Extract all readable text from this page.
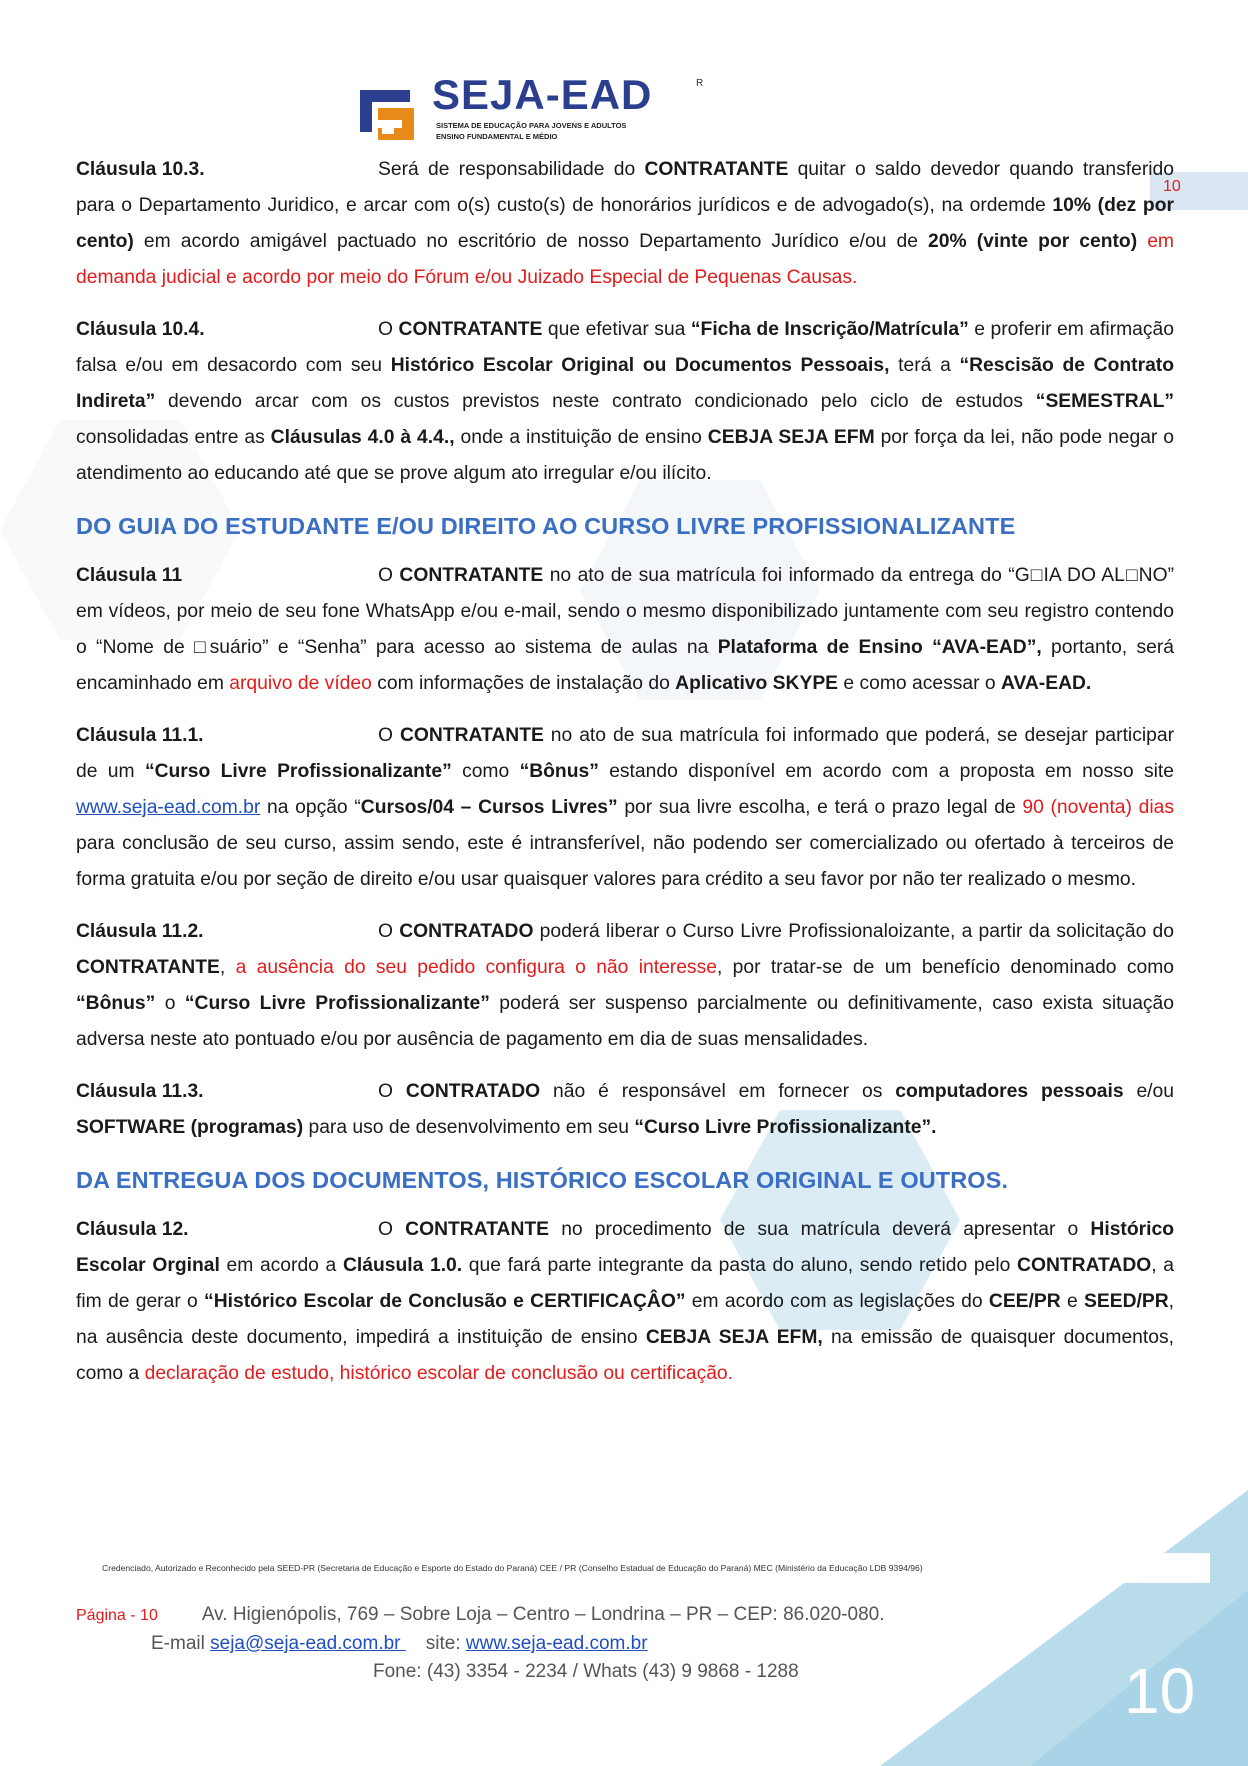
SEJA-EAD	R
SISTEMA DE EDUCAÇÃO PARA JOVENS E ADULTOS
ENSINO FUNDAMENTAL E MÉDIO
10

Cláusula 10.3.	Será de responsabilidade do CONTRATANTE quitar o saldo devedor quando transferido para o Departamento Juridico, e arcar com o(s) custo(s) de honorários jurídicos e de advogado(s), na ordemde 10% (dez por cento) em acordo amigável pactuado no escritório de nosso Departamento Jurídico e/ou de 20% (vinte por cento) em demanda judicial e acordo por meio do Fórum e/ou Juizado Especial de Pequenas Causas.

Cláusula 10.4.	O CONTRATANTE que efetivar sua “Ficha de Inscrição/Matrícula” e proferir em afirmação falsa e/ou em desacordo com seu Histórico Escolar Original ou Documentos Pessoais, terá a “Rescisão de Contrato Indireta” devendo arcar com os custos previstos neste contrato condicionado pelo ciclo de estudos “SEMESTRAL” consolidadas entre as Cláusulas 4.0 à 4.4., onde a instituição de ensino CEBJA SEJA EFM por força da lei, não pode negar o atendimento ao educando até que se prove algum ato irregular e/ou ilícito.

DO GUIA DO ESTUDANTE E/OU DIREITO AO CURSO LIVRE PROFISSIONALIZANTE

Cláusula 11	O CONTRATANTE no ato de sua matrícula foi informado da entrega do “G□IA DO AL□NO” em vídeos, por meio de seu fone WhatsApp e/ou e-mail, sendo o mesmo disponibilizado juntamente com seu registro contendo o “Nome de □suário” e “Senha” para acesso ao sistema de aulas na Plataforma de Ensino “AVA-EAD”, portanto, será encaminhado em arquivo de vídeo com informações de instalação do Aplicativo SKYPE e como acessar o AVA-EAD.

Cláusula 11.1.	O CONTRATANTE no ato de sua matrícula foi informado que poderá, se desejar participar de um “Curso Livre Profissionalizante” como “Bônus” estando disponível em acordo com a proposta em nosso site www.seja-ead.com.br na opção “Cursos/04 – Cursos Livres” por sua livre escolha, e terá o prazo legal de 90 (noventa) dias para conclusão de seu curso, assim sendo, este é intransferível, não podendo ser comercializado ou ofertado à terceiros de forma gratuita e/ou por seção de direito e/ou usar quaisquer valores para crédito a seu favor por não ter realizado o mesmo.

Cláusula 11.2.	O CONTRATADO poderá liberar o Curso Livre Profissionaloizante, a partir da solicitação do CONTRATANTE, a ausência do seu pedido configura o não interesse, por tratar-se de um benefício denominado como “Bônus” o “Curso Livre Profissionalizante” poderá ser suspenso parcialmente ou definitivamente, caso exista situação adversa neste ato pontuado e/ou por ausência de pagamento em dia de suas mensalidades.

Cláusula 11.3.	O CONTRATADO não é responsável em fornecer os computadores pessoais e/ou SOFTWARE (programas) para uso de desenvolvimento em seu “Curso Livre Profissionalizante”.

DA ENTREGUA DOS DOCUMENTOS, HISTÓRICO ESCOLAR ORIGINAL E OUTROS.

Cláusula 12.	O CONTRATANTE no procedimento de sua matrícula deverá apresentar o Histórico Escolar Orginal em acordo a Cláusula 1.0. que fará parte integrante da pasta do aluno, sendo retido pelo CONTRATADO, a fim de gerar o “Histórico Escolar de Conclusão e CERTIFICAÇÂO” em acordo com as legislações do CEE/PR e SEED/PR, na ausência deste documento, impedirá a instituição de ensino CEBJA SEJA EFM, na emissão de quaisquer documentos, como a declaração de estudo, histórico escolar de conclusão ou certificação.

Credenciado, Autorizado e Reconhecido pela SEED-PR (Secretaria de Educação e Esporte do Estado do Paraná) CEE / PR (Conselho Estadual de Educação do Paraná) MEC (Ministério da Educação LDB 9394/96)
Página - 10 Av. Higienópolis, 769 – Sobre Loja – Centro – Londrina – PR – CEP: 86.020-080.
E-mail seja@seja-ead.com.br site: www.seja-ead.com.br
Fone: (43) 3354 - 2234 / Whats (43) 9 9868 - 1288	10
